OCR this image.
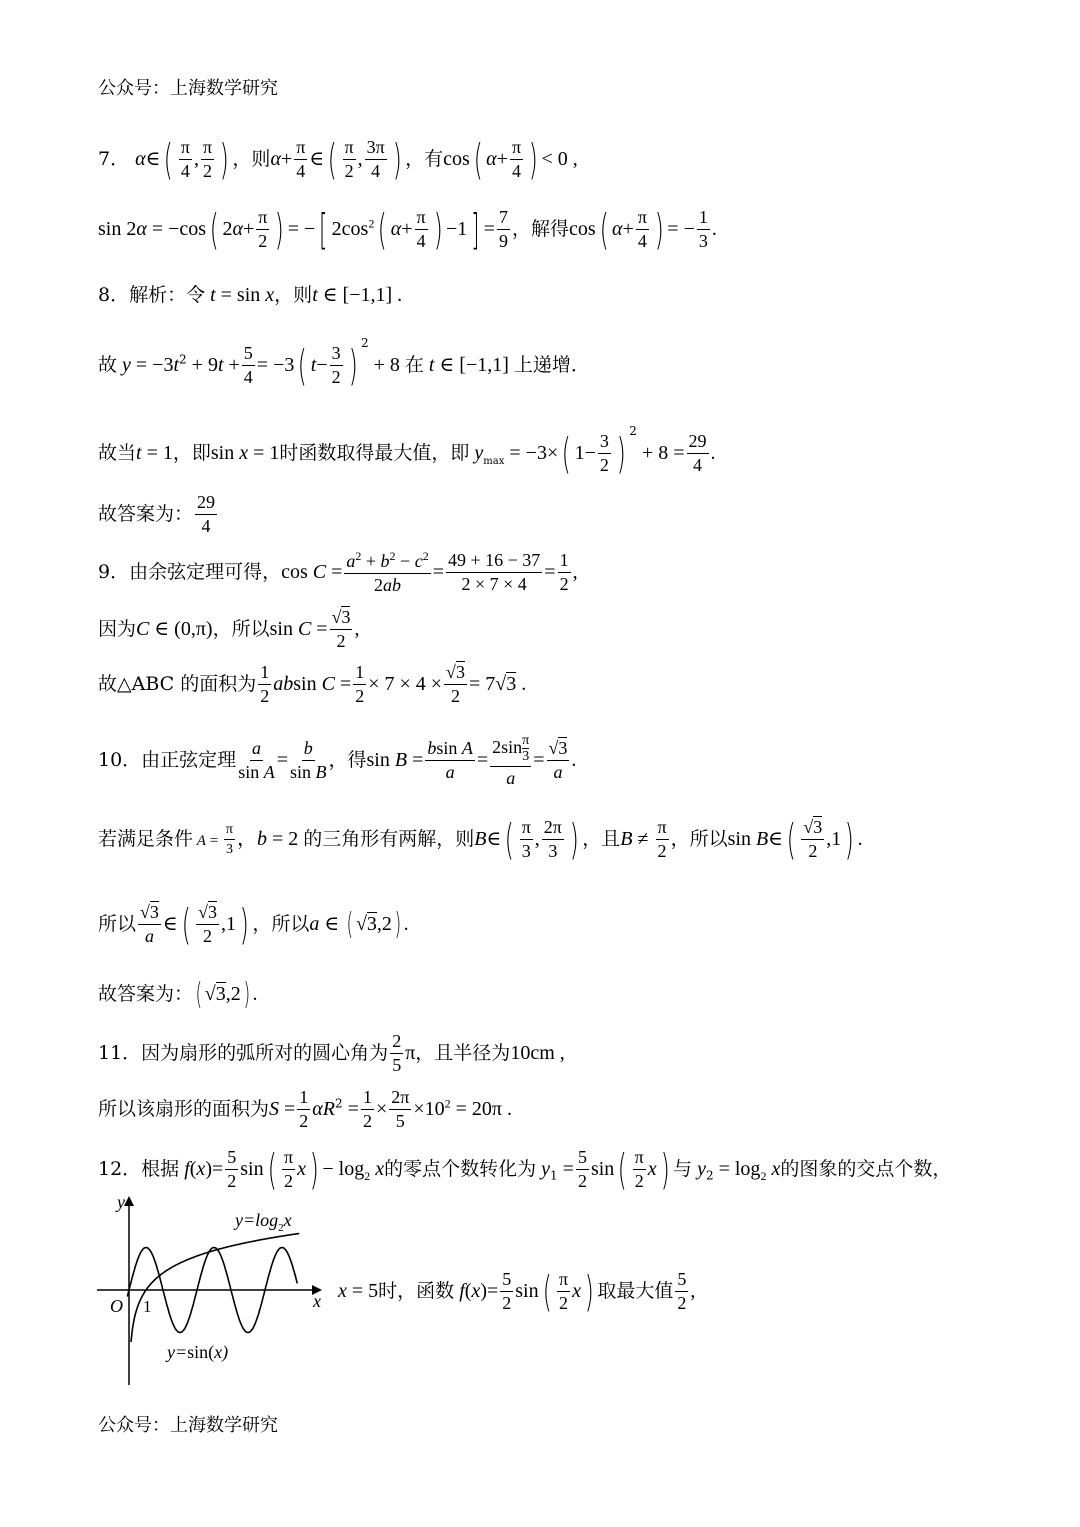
公众号：上海数学研究
7． α∈( $\frac{\pi}{4}$ , $\frac{\pi}{2}$ ) ，则$\alpha+ \frac{\pi}{4}$ ∈( $\frac{\pi}{2}$ , $\frac{3\pi}{4}$ ) ，有cos( $\alpha+ \frac{\pi}{4}$ ) < 0 ,
sin 2α = −cos( $2\alpha+ \frac{\pi}{2}$ ) = −[ $2\cos^2$( $\alpha+ \frac{\pi}{4}$ ) $-1] = \frac{7}{9}$ ，解得cos( $\alpha+ \frac{\pi}{4}$ ) = − $\frac{1}{3}$ .
8．解析：令 t = sin x，则t ∈ [−1,1] .
故 $y = -3t^2 + 9t + \frac{5}{4} = -3$( $t- \frac{3}{2}$ ) $^2$ + 8 在 t ∈ [−1,1] 上递增．
故当t = 1，即sin x = 1时函数取得最大值，即 $y_{max} = -3\times$( $1- \frac{3}{2}$ ) $^2 + 8 = \frac{29}{4}$ .
故答案为： $\frac{29}{4}$
9．由余弦定理可得，$\cos C = \frac{a^2 + b^2 - c^2}{2ab} = \frac{49 + 16 - 37}{2 \times 7 \times 4} = \frac{1}{2}$ ,
因为C ∈ (0,π)，所以$\sin C = \frac{√3}{2}$ ,
故△ABC 的面积为 $\frac{1}{2}$ absin $C = \frac{1}{2} \times 7 \times 4 \times \frac{√3}{2} = 7√3$ .
10．由正弦定理 $\frac{a}{\text{sin A}} = \frac{b}{\text{sin B}}$ ，得$\sin B = \frac{\text{bsin A}}{a} = \frac{2\sin \frac{\pi}{3}}{a} = \frac{√3}{a}$ .
若满足条件 $A = \frac{\pi}{3}$ ，b = 2 的三角形有两解，则B∈( $\frac{\pi}{3}$ , $\frac{2\pi}{3}$ ) ，且$B \ne \frac{\pi}{2}$ ，所以sin B∈( $\frac{√3}{2} ,1$) .
所以 $\frac{√3}{a}$ ∈( $\frac{√3}{2} ,1$) ，所以a ∈ ( √3,2) .
故答案为：( √3,2) .
11．因为扇形的弧所对的圆心角为 $\frac{2}{5}$ π，且半径为10cm ,
所以该扇形的面积为$S = \frac{1}{2} \alpha R^2 = \frac{1}{2} \times \frac{2\pi}{5} \times 10^2 = 20\pi$ .
12．根据 $f(x)= \frac{5}{2} \sin( \frac{\pi}{2} x) - \log_2 x$的零点个数转化为 $y_1 = \frac{5}{2} \sin( \frac{\pi}{2} x)$ 与 $y_2 = \log_2 x$的图象的交点个数，
y
x
O 1
$y=\log_2x$
y=sin(x)
x = 5时，函数 $f(x)= \frac{5}{2} \sin( \frac{\pi}{2} x)$ 取最大值 $\frac{5}{2}$ ,
公众号：上海数学研究
